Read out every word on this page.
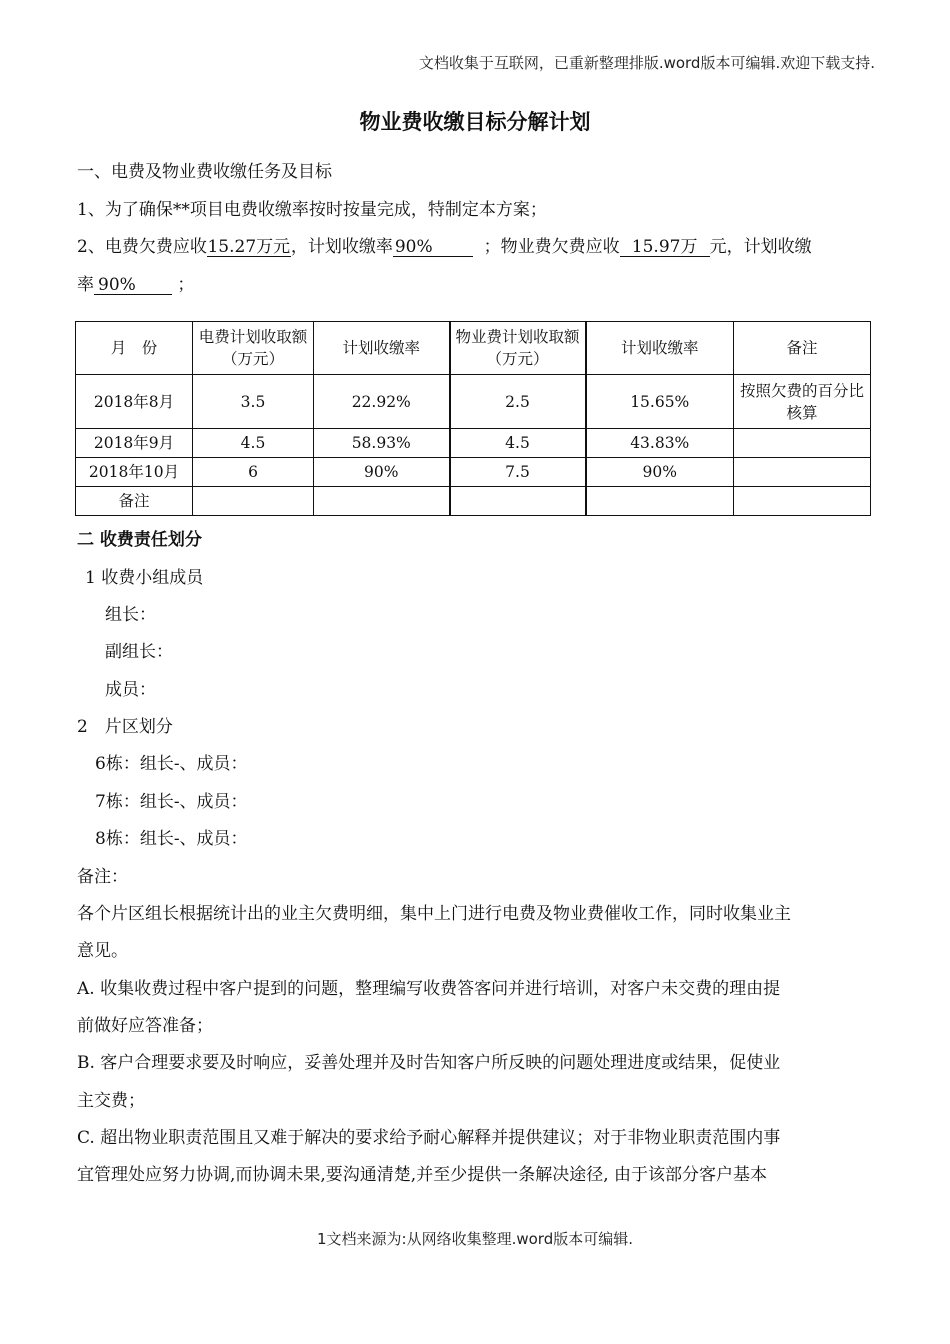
文档收集于互联网，已重新整理排版.word版本可编辑.欢迎下载支持.
物业费收缴目标分解计划
一、电费及物业费收缴任务及目标
1、为了确保**项目电费收缴率按时按量完成，特制定本方案；
2、电费欠费应收15.27万元，计划收缴率 90%	；物业费欠费应收 15.97万 元，计划收缴
率 90% ；
月　份	电费计划收取额（万元）	计划收缴率	物业费计划收取额（万元）	计划收缴率	备注
2018年8月	3.5	22.92%	2.5	15.65%	按照欠费的百分比核算
2018年9月	4.5	58.93%	4.5	43.83%	
2018年10月	6	90%	7.5	90%	
备注					
二 收费责任划分
1 收费小组成员
组长：
副组长：
成员：
2　片区划分
6栋：组长-、成员：
7栋：组长-、成员：
8栋：组长-、成员：
备注：
各个片区组长根据统计出的业主欠费明细，集中上门进行电费及物业费催收工作，同时收集业主
意见。
A. 收集收费过程中客户提到的问题，整理编写收费答客问并进行培训，对客户未交费的理由提
前做好应答准备；
B. 客户合理要求要及时响应，妥善处理并及时告知客户所反映的问题处理进度或结果，促使业
主交费；
C. 超出物业职责范围且又难于解决的要求给予耐心解释并提供建议；对于非物业职责范围内事
宜管理处应努力协调,而协调未果,要沟通清楚,并至少提供一条解决途径, 由于该部分客户基本
1文档来源为:从网络收集整理.word版本可编辑.
